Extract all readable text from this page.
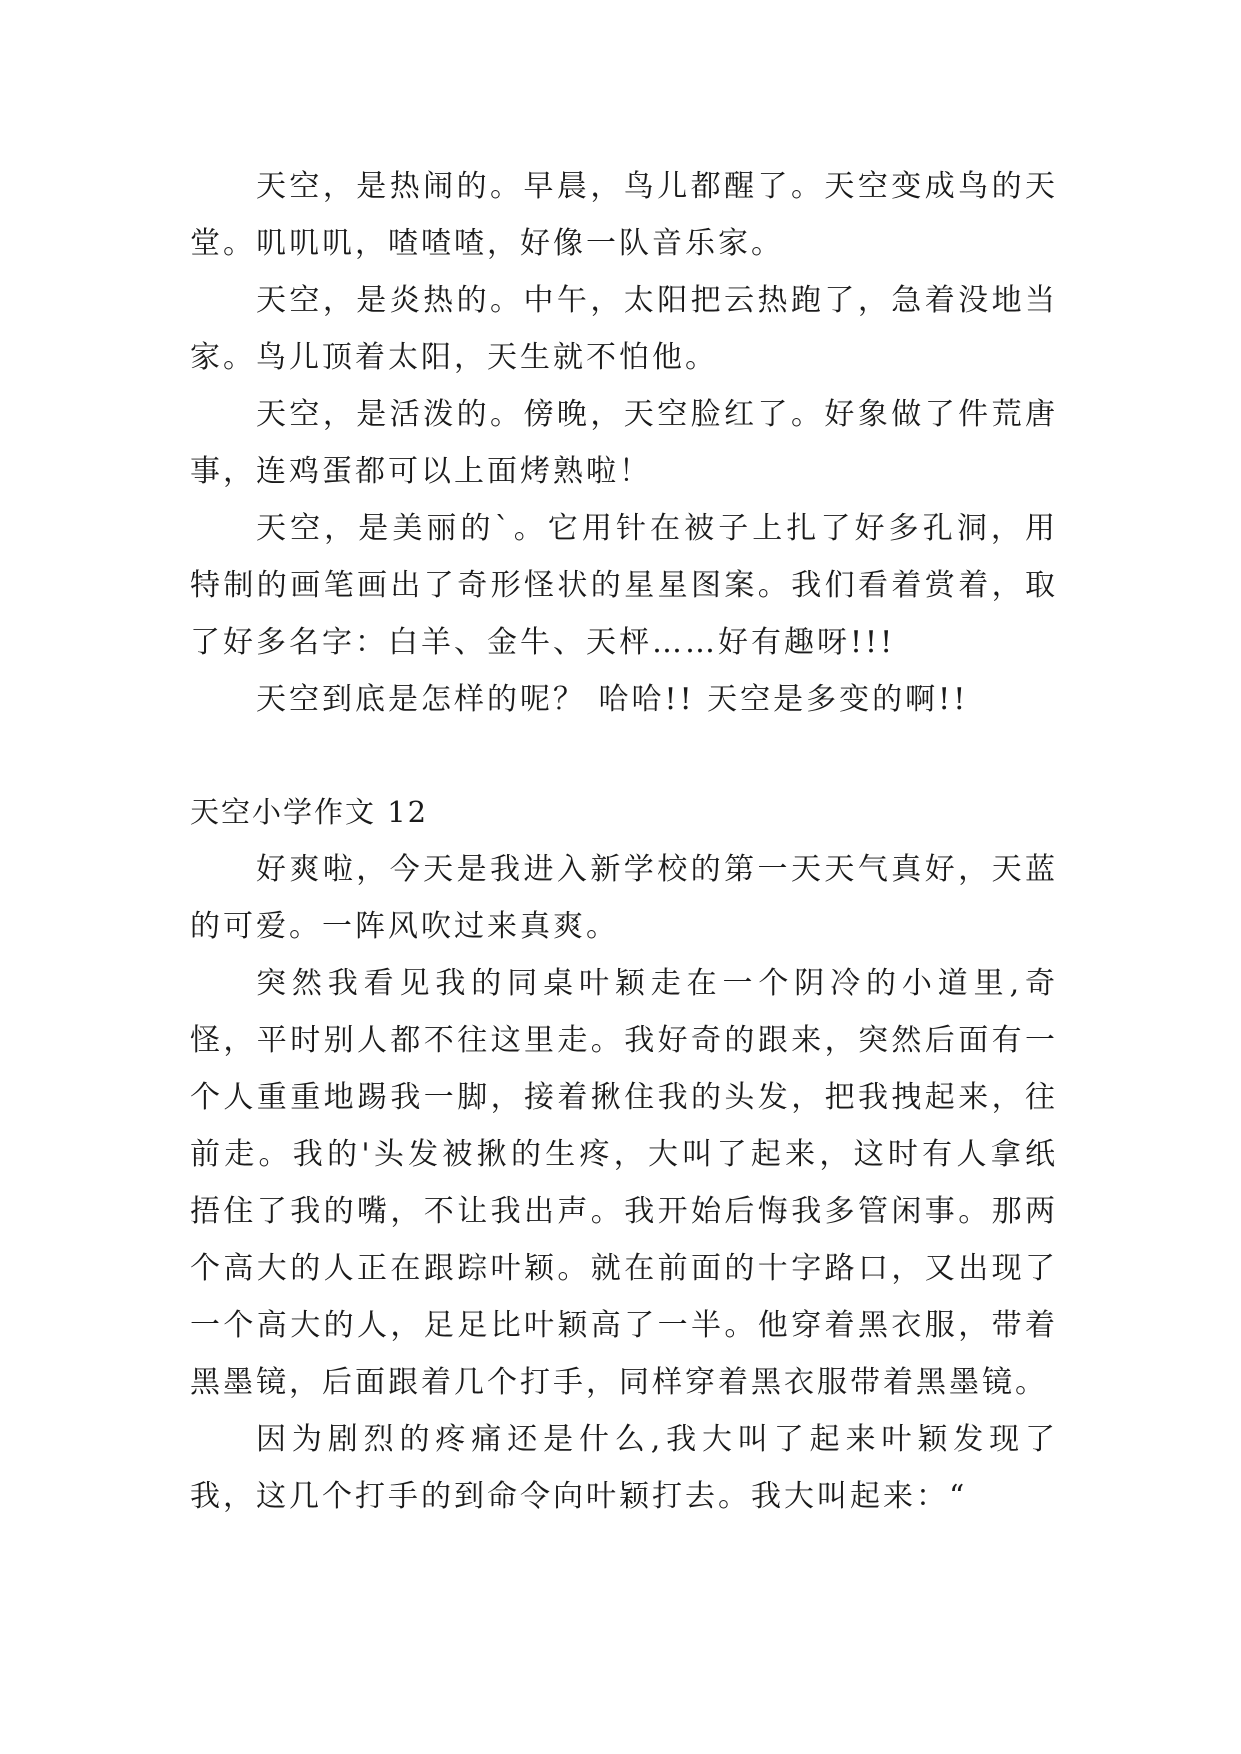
天空，是热闹的。早晨，鸟儿都醒了。天空变成鸟的天堂。叽叽叽，喳喳喳，好像一队音乐家。

天空，是炎热的。中午，太阳把云热跑了，急着没地当家。鸟儿顶着太阳，天生就不怕他。

天空，是活泼的。傍晚，天空脸红了。好象做了件荒唐事，连鸡蛋都可以上面烤熟啦！

天空，是美丽的`。它用针在被子上扎了好多孔洞，用特制的画笔画出了奇形怪状的星星图案。我们看着赏着，取了好多名字：白羊、金牛、天枰……好有趣呀!!!

天空到底是怎样的呢？ 哈哈!! 天空是多变的啊!!

天空小学作文 12

好爽啦，今天是我进入新学校的第一天天气真好，天蓝的可爱。一阵风吹过来真爽。

突然我看见我的同桌叶颖走在一个阴冷的小道里,奇怪，平时别人都不往这里走。我好奇的跟来，突然后面有一个人重重地踢我一脚，接着揪住我的头发，把我拽起来，往前走。我的'头发被揪的生疼，大叫了起来，这时有人拿纸捂住了我的嘴，不让我出声。我开始后悔我多管闲事。那两个高大的人正在跟踪叶颖。就在前面的十字路口，又出现了一个高大的人，足足比叶颖高了一半。他穿着黑衣服，带着黑墨镜，后面跟着几个打手，同样穿着黑衣服带着黑墨镜。

因为剧烈的疼痛还是什么,我大叫了起来叶颖发现了我，这几个打手的到命令向叶颖打去。我大叫起来：“
